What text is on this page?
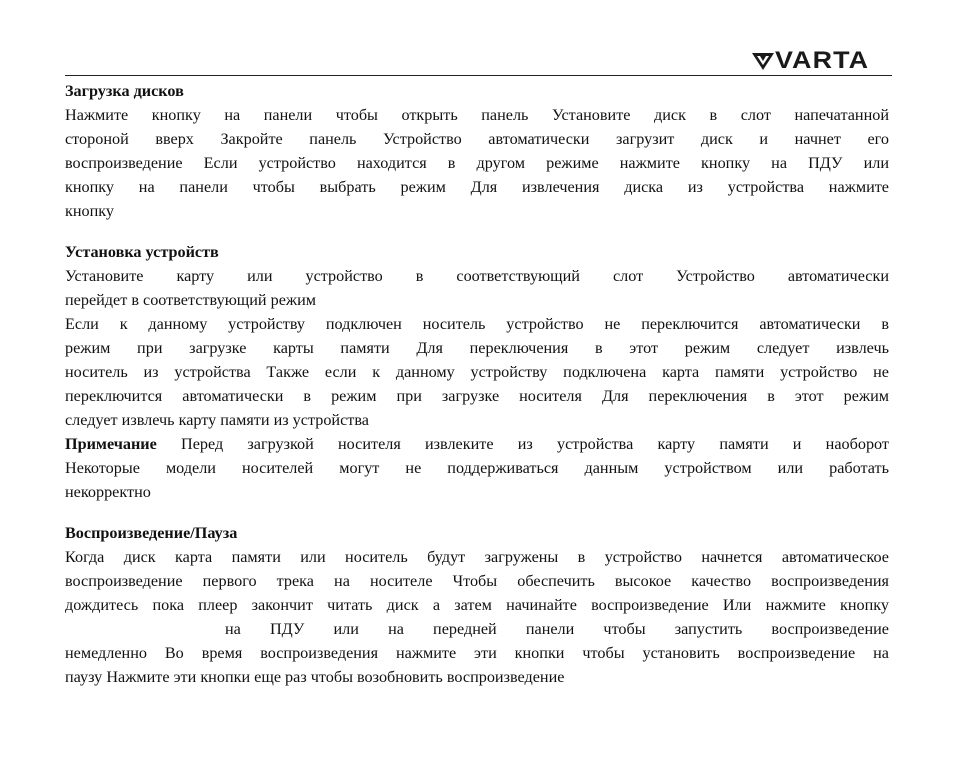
VARTA
Загрузка дисков
Нажмите кнопку на панели чтобы открыть панель Установите диск в слот напечатанной
стороной вверх Закройте панель Устройство автоматически загрузит диск и начнет его
воспроизведение Если устройство находится в другом режиме нажмите кнопку на ПДУ или
кнопку на панели чтобы выбрать режим Для извлечения диска из устройства нажмите
кнопку
Установка устройств
Установите карту или устройство в соответствующий слот Устройство автоматически
перейдет в соответствующий режим
Если к данному устройству подключен носитель устройство не переключится автоматически в
режим при загрузке карты памяти Для переключения в этот режим следует извлечь
носитель из устройства Также если к данному устройству подключена карта памяти устройство не
переключится автоматически в режим при загрузке носителя Для переключения в этот режим
следует извлечь карту памяти из устройства
Примечание Перед загрузкой носителя извлеките из устройства карту памяти и наоборот
Некоторые модели носителей могут не поддерживаться данным устройством или работать
некорректно
Воспроизведение/Пауза
Когда диск карта памяти или носитель будут загружены в устройство начнется автоматическое
воспроизведение первого трека на носителе Чтобы обеспечить высокое качество воспроизведения
дождитесь пока плеер закончит читать диск а затем начинайте воспроизведение Или нажмите кнопку
на ПДУ или на передней панели чтобы запустить воспроизведение
немедленно Во время воспроизведения нажмите эти кнопки чтобы установить воспроизведение на
паузу Нажмите эти кнопки еще раз чтобы возобновить воспроизведение
